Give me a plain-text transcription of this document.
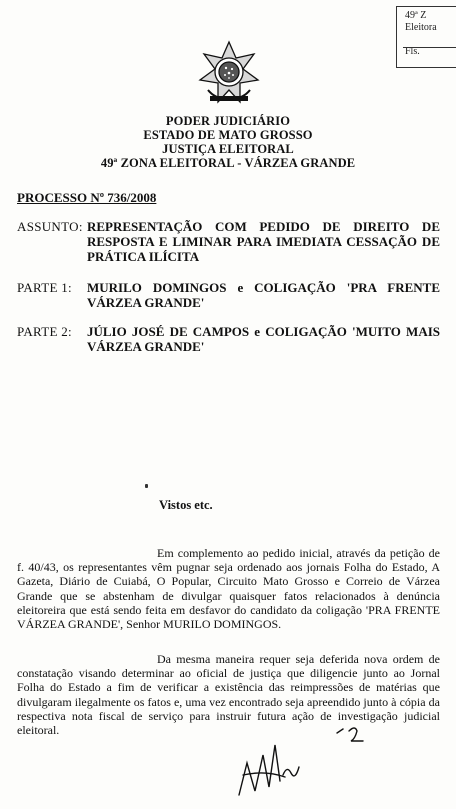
49ª Z
Eleitora
Fls.
PODER JUDICIÁRIO
ESTADO DE MATO GROSSO
JUSTIÇA ELEITORAL
49ª ZONA ELEITORAL - VÁRZEA GRANDE
PROCESSO Nº 736/2008
ASSUNTO: REPRESENTAÇÃO COM PEDIDO DE DIREITO DE
RESPOSTA E LIMINAR PARA IMEDIATA CESSAÇÃO DE
PRÁTICA ILÍCITA
PARTE 1: MURILO DOMINGOS e COLIGAÇÃO 'PRA FRENTE
VÁRZEA GRANDE'
PARTE 2: JÚLIO JOSÉ DE CAMPOS e COLIGAÇÃO 'MUITO MAIS
VÁRZEA GRANDE'
Vistos etc.
Em complemento ao pedido inicial, através da petição de f. 40/43, os representantes vêm pugnar seja ordenado aos jornais Folha do Estado, A Gazeta, Diário de Cuiabá, O Popular, Circuito Mato Grosso e Correio de Várzea Grande que se abstenham de divulgar quaisquer fatos relacionados à denúncia eleitoreira que está sendo feita em desfavor do candidato da coligação 'PRA FRENTE VÁRZEA GRANDE', Senhor MURILO DOMINGOS.
Da mesma maneira requer seja deferida nova ordem de constatação visando determinar ao oficial de justiça que diligencie junto ao Jornal Folha do Estado a fim de verificar a existência das reimpressões de matérias que divulgaram ilegalmente os fatos e, uma vez encontrado seja apreendido junto à cópia da respectiva nota fiscal de serviço para instruir futura ação de investigação judicial eleitoral.
